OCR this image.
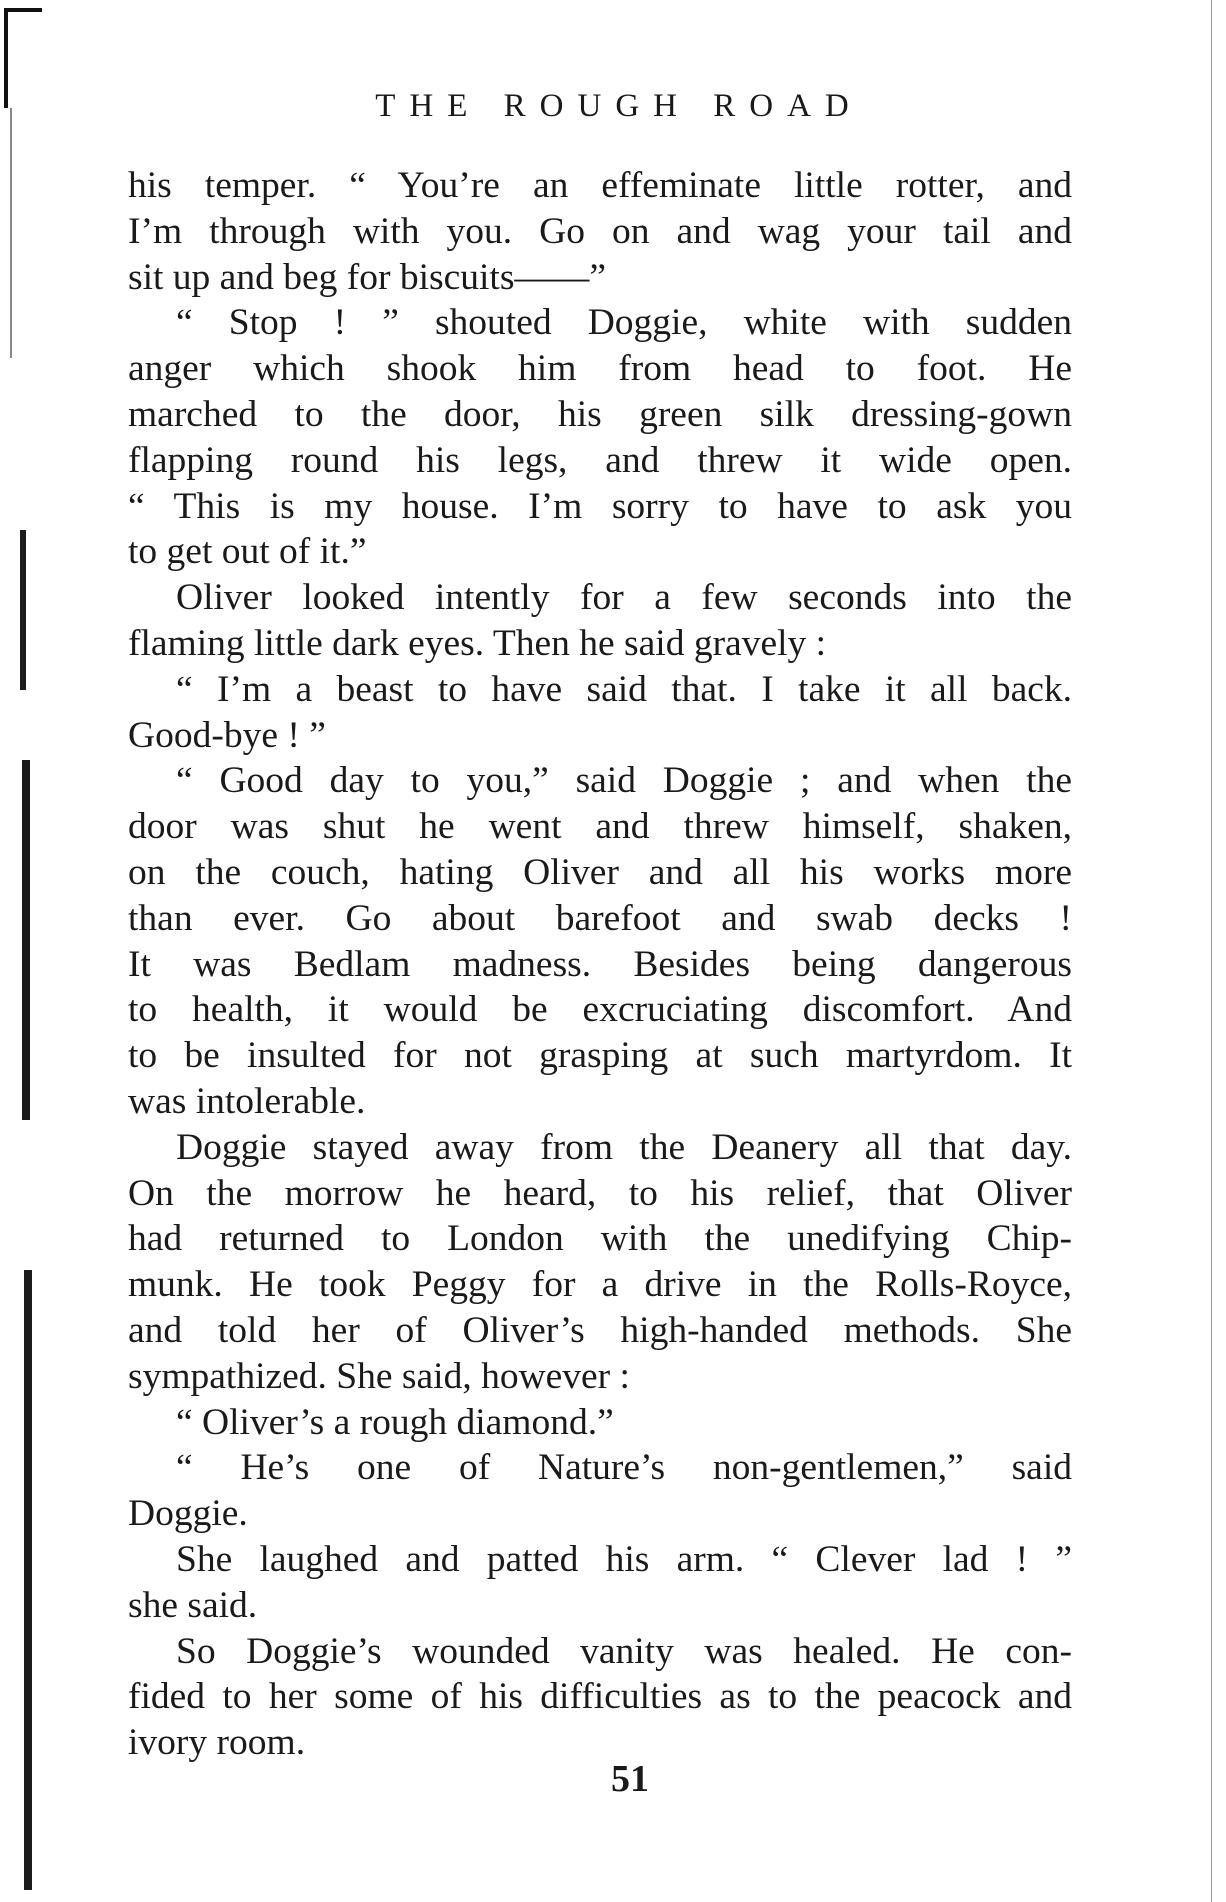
THE ROUGH ROAD
his temper. “ You’re an effeminate little rotter, and
I’m through with you. Go on and wag your tail and
sit up and beg for biscuits——”
“ Stop ! ” shouted Doggie, white with sudden
anger which shook him from head to foot. He
marched to the door, his green silk dressing-gown
flapping round his legs, and threw it wide open.
“ This is my house. I’m sorry to have to ask you
to get out of it.”
Oliver looked intently for a few seconds into the
flaming little dark eyes. Then he said gravely :
“ I’m a beast to have said that. I take it all back.
Good-bye ! ”
“ Good day to you,” said Doggie ; and when the
door was shut he went and threw himself, shaken,
on the couch, hating Oliver and all his works more
than ever. Go about barefoot and swab decks !
It was Bedlam madness. Besides being dangerous
to health, it would be excruciating discomfort. And
to be insulted for not grasping at such martyrdom. It
was intolerable.
Doggie stayed away from the Deanery all that day.
On the morrow he heard, to his relief, that Oliver
had returned to London with the unedifying Chip-
munk. He took Peggy for a drive in the Rolls-Royce,
and told her of Oliver’s high-handed methods. She
sympathized. She said, however :
“ Oliver’s a rough diamond.”
“ He’s one of Nature’s non-gentlemen,” said
Doggie.
She laughed and patted his arm. “ Clever lad ! ”
she said.
So Doggie’s wounded vanity was healed. He con-
fided to her some of his difficulties as to the peacock and
ivory room.
51
